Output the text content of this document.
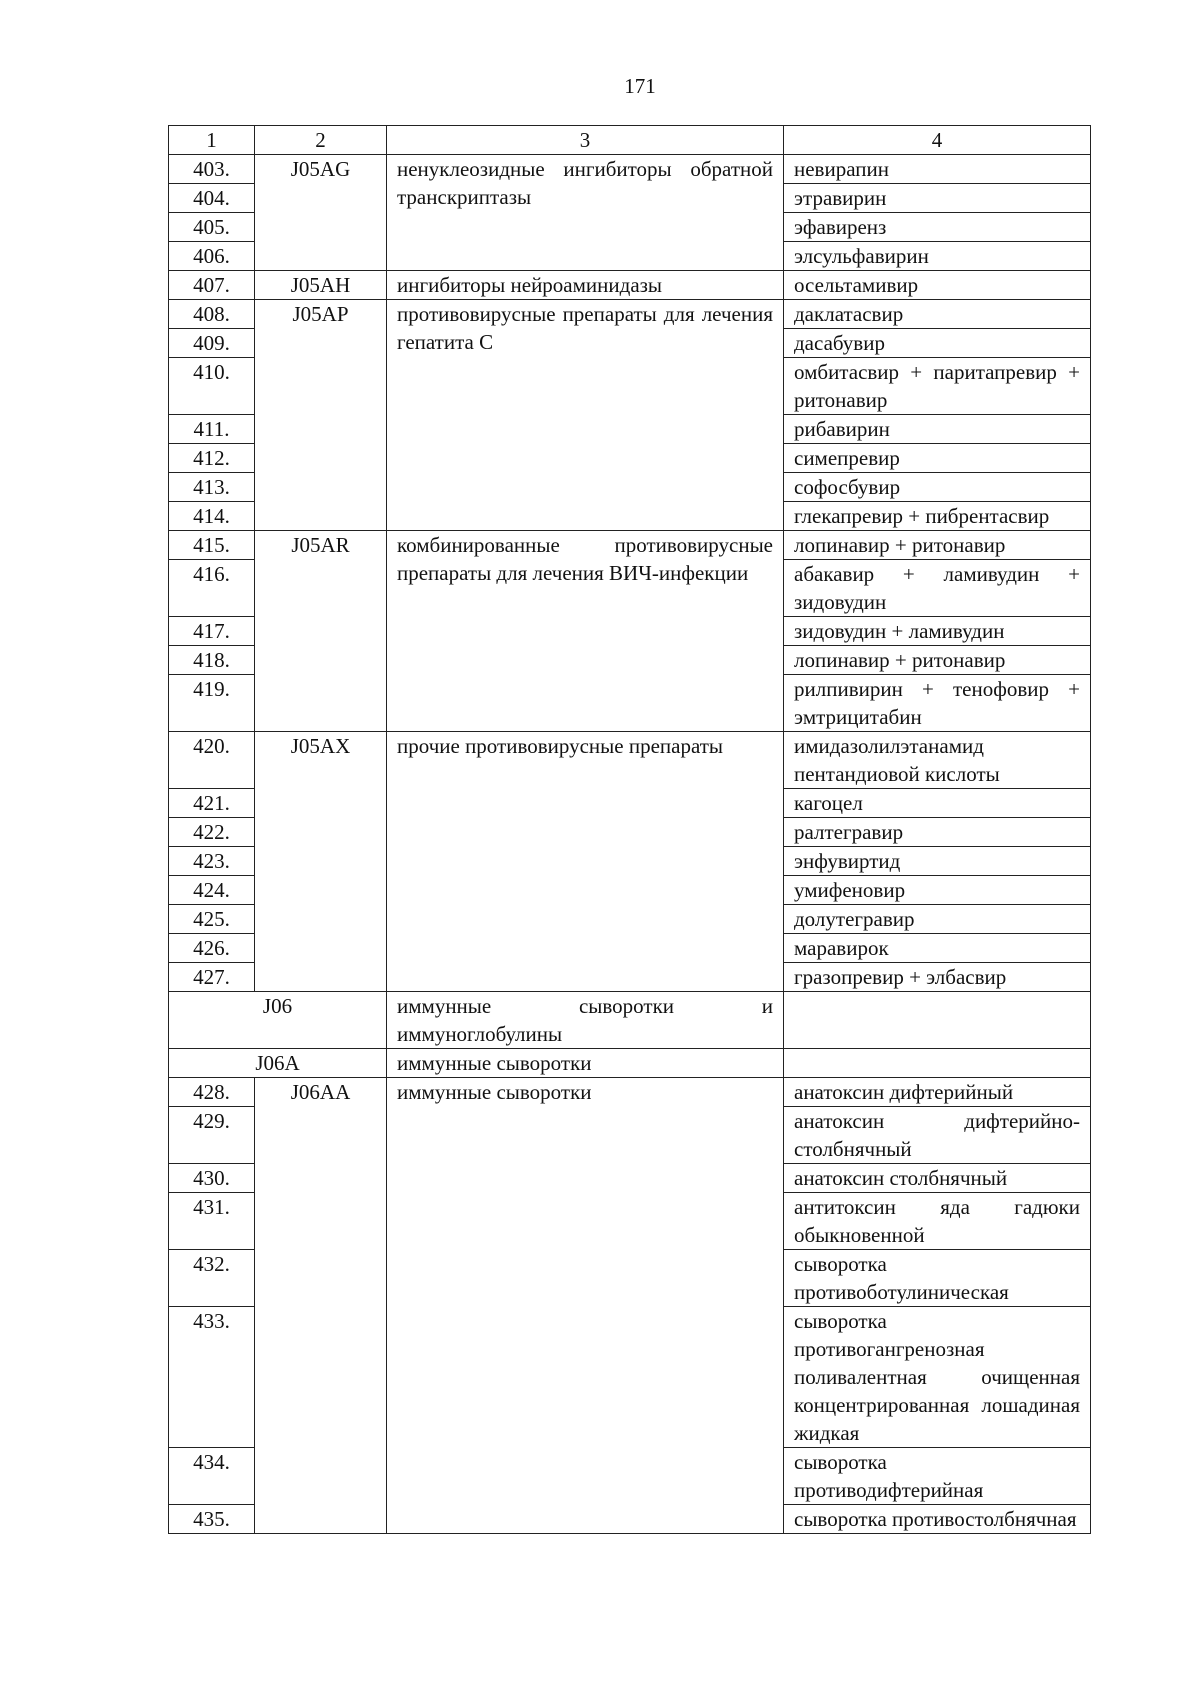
171
1	2	3	4
403.	J05AG	ненуклеозидные ингибиторы обратной транскриптазы	невирапин
404.			этравирин
405.			эфавиренз
406.			элсульфавирин
407.	J05AH	ингибиторы нейроаминидазы	осельтамивир
408.	J05AP	противовирусные препараты для лечения гепатита C	даклатасвир
409.			дасабувир
410.			омбитасвир + паритапревир + ритонавир
411.			рибавирин
412.			симепревир
413.			софосбувир
414.			глекапревир + пибрентасвир
415.	J05AR	комбинированные противовирусные препараты для лечения ВИЧ-инфекции	лопинавир + ритонавир
416.			абакавир + ламивудин + зидовудин
417.			зидовудин + ламивудин
418.			лопинавир + ритонавир
419.			рилпивирин + тенофовир + эмтрицитабин
420.	J05AX	прочие противовирусные препараты	имидазолилэтанамид пентандиовой кислоты
421.			кагоцел
422.			ралтегравир
423.			энфувиртид
424.			умифеновир
425.			долутегравир
426.			маравирок
427.			гразопревир + элбасвир
J06		иммунные сыворотки и иммуноглобулины	
J06A		иммунные сыворотки	
428.	J06AA	иммунные сыворотки	анатоксин дифтерийный
429.			анатоксин дифтерийно-столбнячный
430.			анатоксин столбнячный
431.			антитоксин яда гадюки обыкновенной
432.			сыворотка противоботулиническая
433.			сыворотка противогангренозная поливалентная очищенная концентрированная лошадиная жидкая
434.			сыворотка противодифтерийная
435.			сыворотка противостолбнячная
